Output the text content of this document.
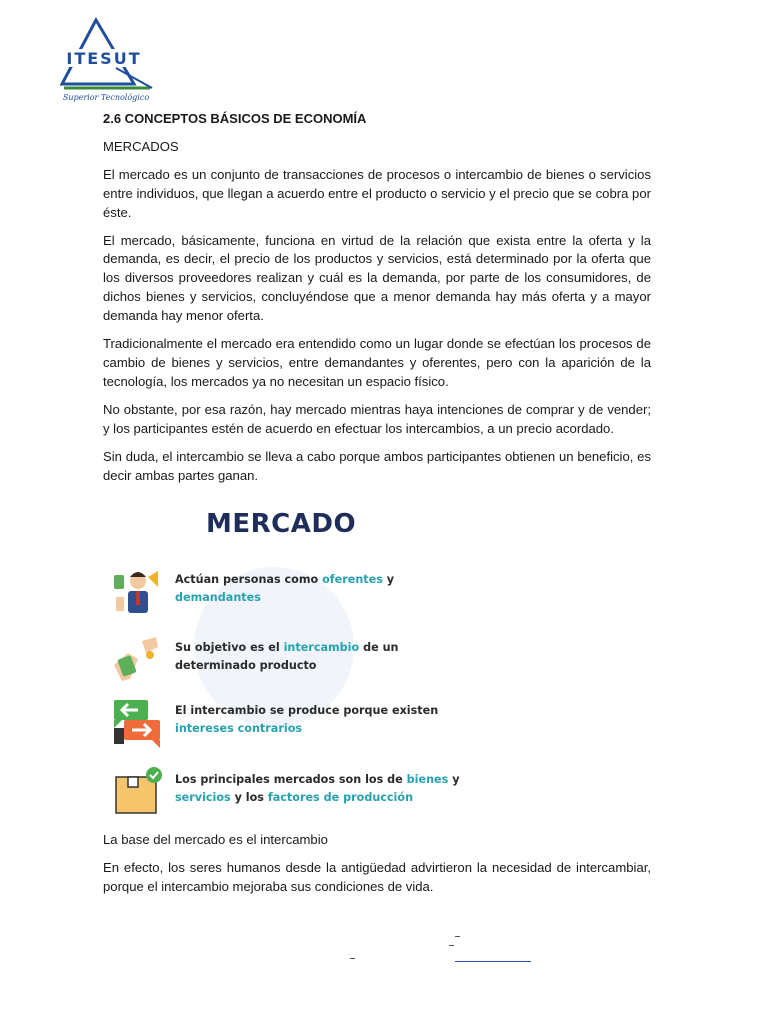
ITESUT
Superior Tecnológico
2.6 CONCEPTOS BÁSICOS DE ECONOMÍA
MERCADOS

El mercado es un conjunto de transacciones de procesos o intercambio de bienes o servicios entre individuos, que llegan a acuerdo entre el producto o servicio y el precio que se cobra por éste.

El mercado, básicamente, funciona en virtud de la relación que exista entre la oferta y la demanda, es decir, el precio de los productos y servicios, está determinado por la oferta que los diversos proveedores realizan y cuál es la demanda, por parte de los consumidores, de dichos bienes y servicios, concluyéndose que a menor demanda hay más oferta y a mayor demanda hay menor oferta.

Tradicionalmente el mercado era entendido como un lugar donde se efectúan los procesos de cambio de bienes y servicios, entre demandantes y oferentes, pero con la aparición de la tecnología, los mercados ya no necesitan un espacio físico.

No obstante, por esa razón, hay mercado mientras haya intenciones de comprar y de vender; y los participantes estén de acuerdo en efectuar los intercambios, a un precio acordado.

Sin duda, el intercambio se lleva a cabo porque ambos participantes obtienen un beneficio, es decir ambas partes ganan.

MERCADO
Actúan personas como oferentes y demandantes
Su objetivo es el intercambio de un determinado producto
El intercambio se produce porque existen intereses contrarios
Los principales mercados son los de bienes y servicios y los factores de producción

La base del mercado es el intercambio

En efecto, los seres humanos desde la antigüedad advirtieron la necesidad de intercambiar, porque el intercambio mejoraba sus condiciones de vida.
